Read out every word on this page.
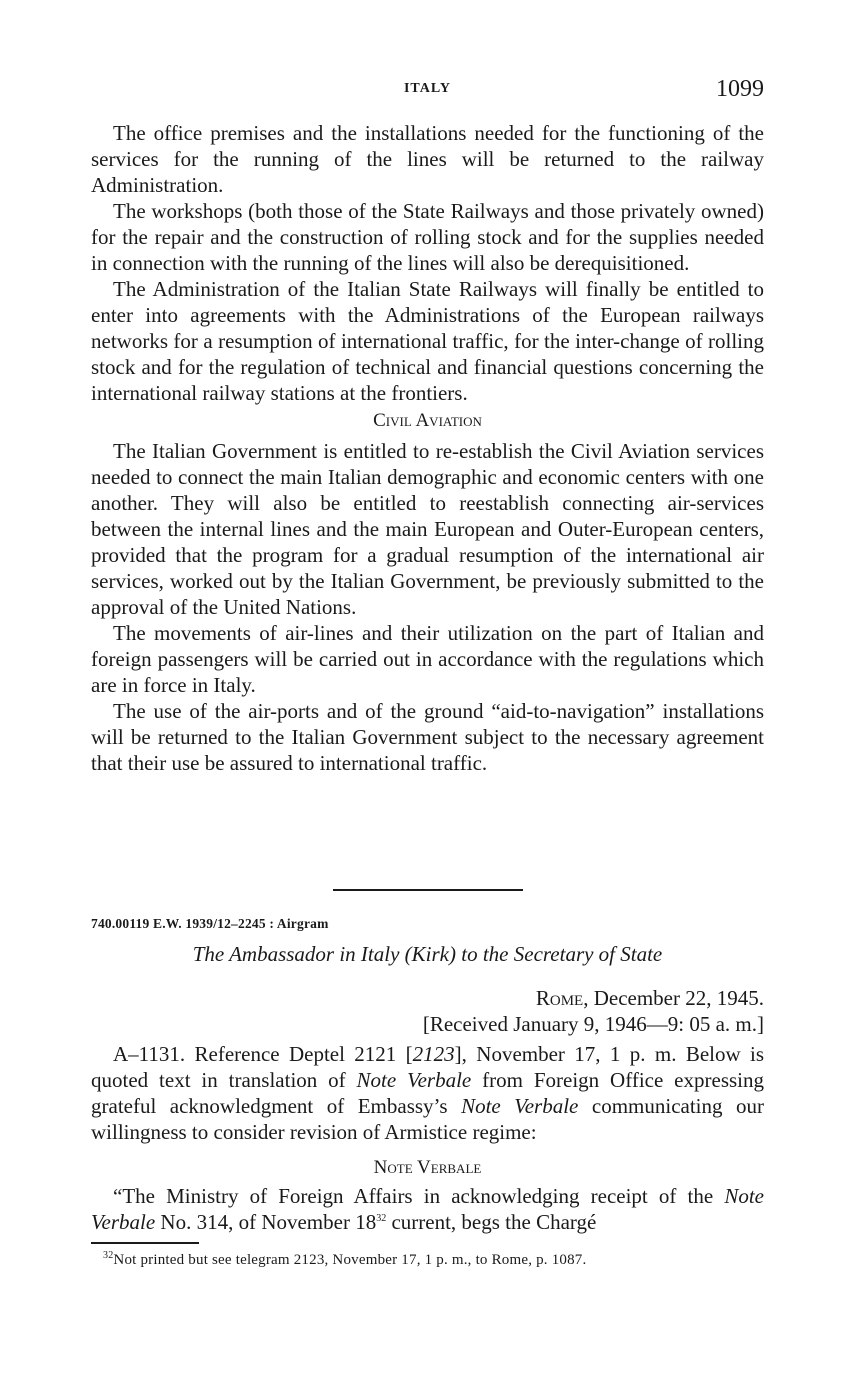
ITALY	1099

The office premises and the installations needed for the functioning of the services for the running of the lines will be returned to the railway Administration.

The workshops (both those of the State Railways and those privately owned) for the repair and the construction of rolling stock and for the supplies needed in connection with the running of the lines will also be derequisitioned.

The Administration of the Italian State Railways will finally be entitled to enter into agreements with the Administrations of the European railways networks for a resumption of international traffic, for the inter-change of rolling stock and for the regulation of technical and financial questions concerning the international railway stations at the frontiers.

Civil Aviation

The Italian Government is entitled to re-establish the Civil Aviation services needed to connect the main Italian demographic and economic centers with one another. They will also be entitled to reestablish connecting air-services between the internal lines and the main European and Outer-European centers, provided that the program for a gradual resumption of the international air services, worked out by the Italian Government, be previously submitted to the approval of the United Nations.

The movements of air-lines and their utilization on the part of Italian and foreign passengers will be carried out in accordance with the regulations which are in force in Italy.

The use of the air-ports and of the ground “aid-to-navigation” installations will be returned to the Italian Government subject to the necessary agreement that their use be assured to international traffic.

740.00119 E.W. 1939/12–2245 : Airgram
The Ambassador in Italy (Kirk) to the Secretary of State
Rome, December 22, 1945.
[Received January 9, 1946—9: 05 a. m.]

A–1131. Reference Deptel 2121 [2123], November 17, 1 p. m. Below is quoted text in translation of Note Verbale from Foreign Office expressing grateful acknowledgment of Embassy’s Note Verbale communicating our willingness to consider revision of Armistice regime:

Note Verbale

“The Ministry of Foreign Affairs in acknowledging receipt of the Note Verbale No. 314, of November $18^{32}$ current, begs the Chargé

$^{32}$Not printed but see telegram 2123, November 17, 1 p. m., to Rome, p. 1087.
